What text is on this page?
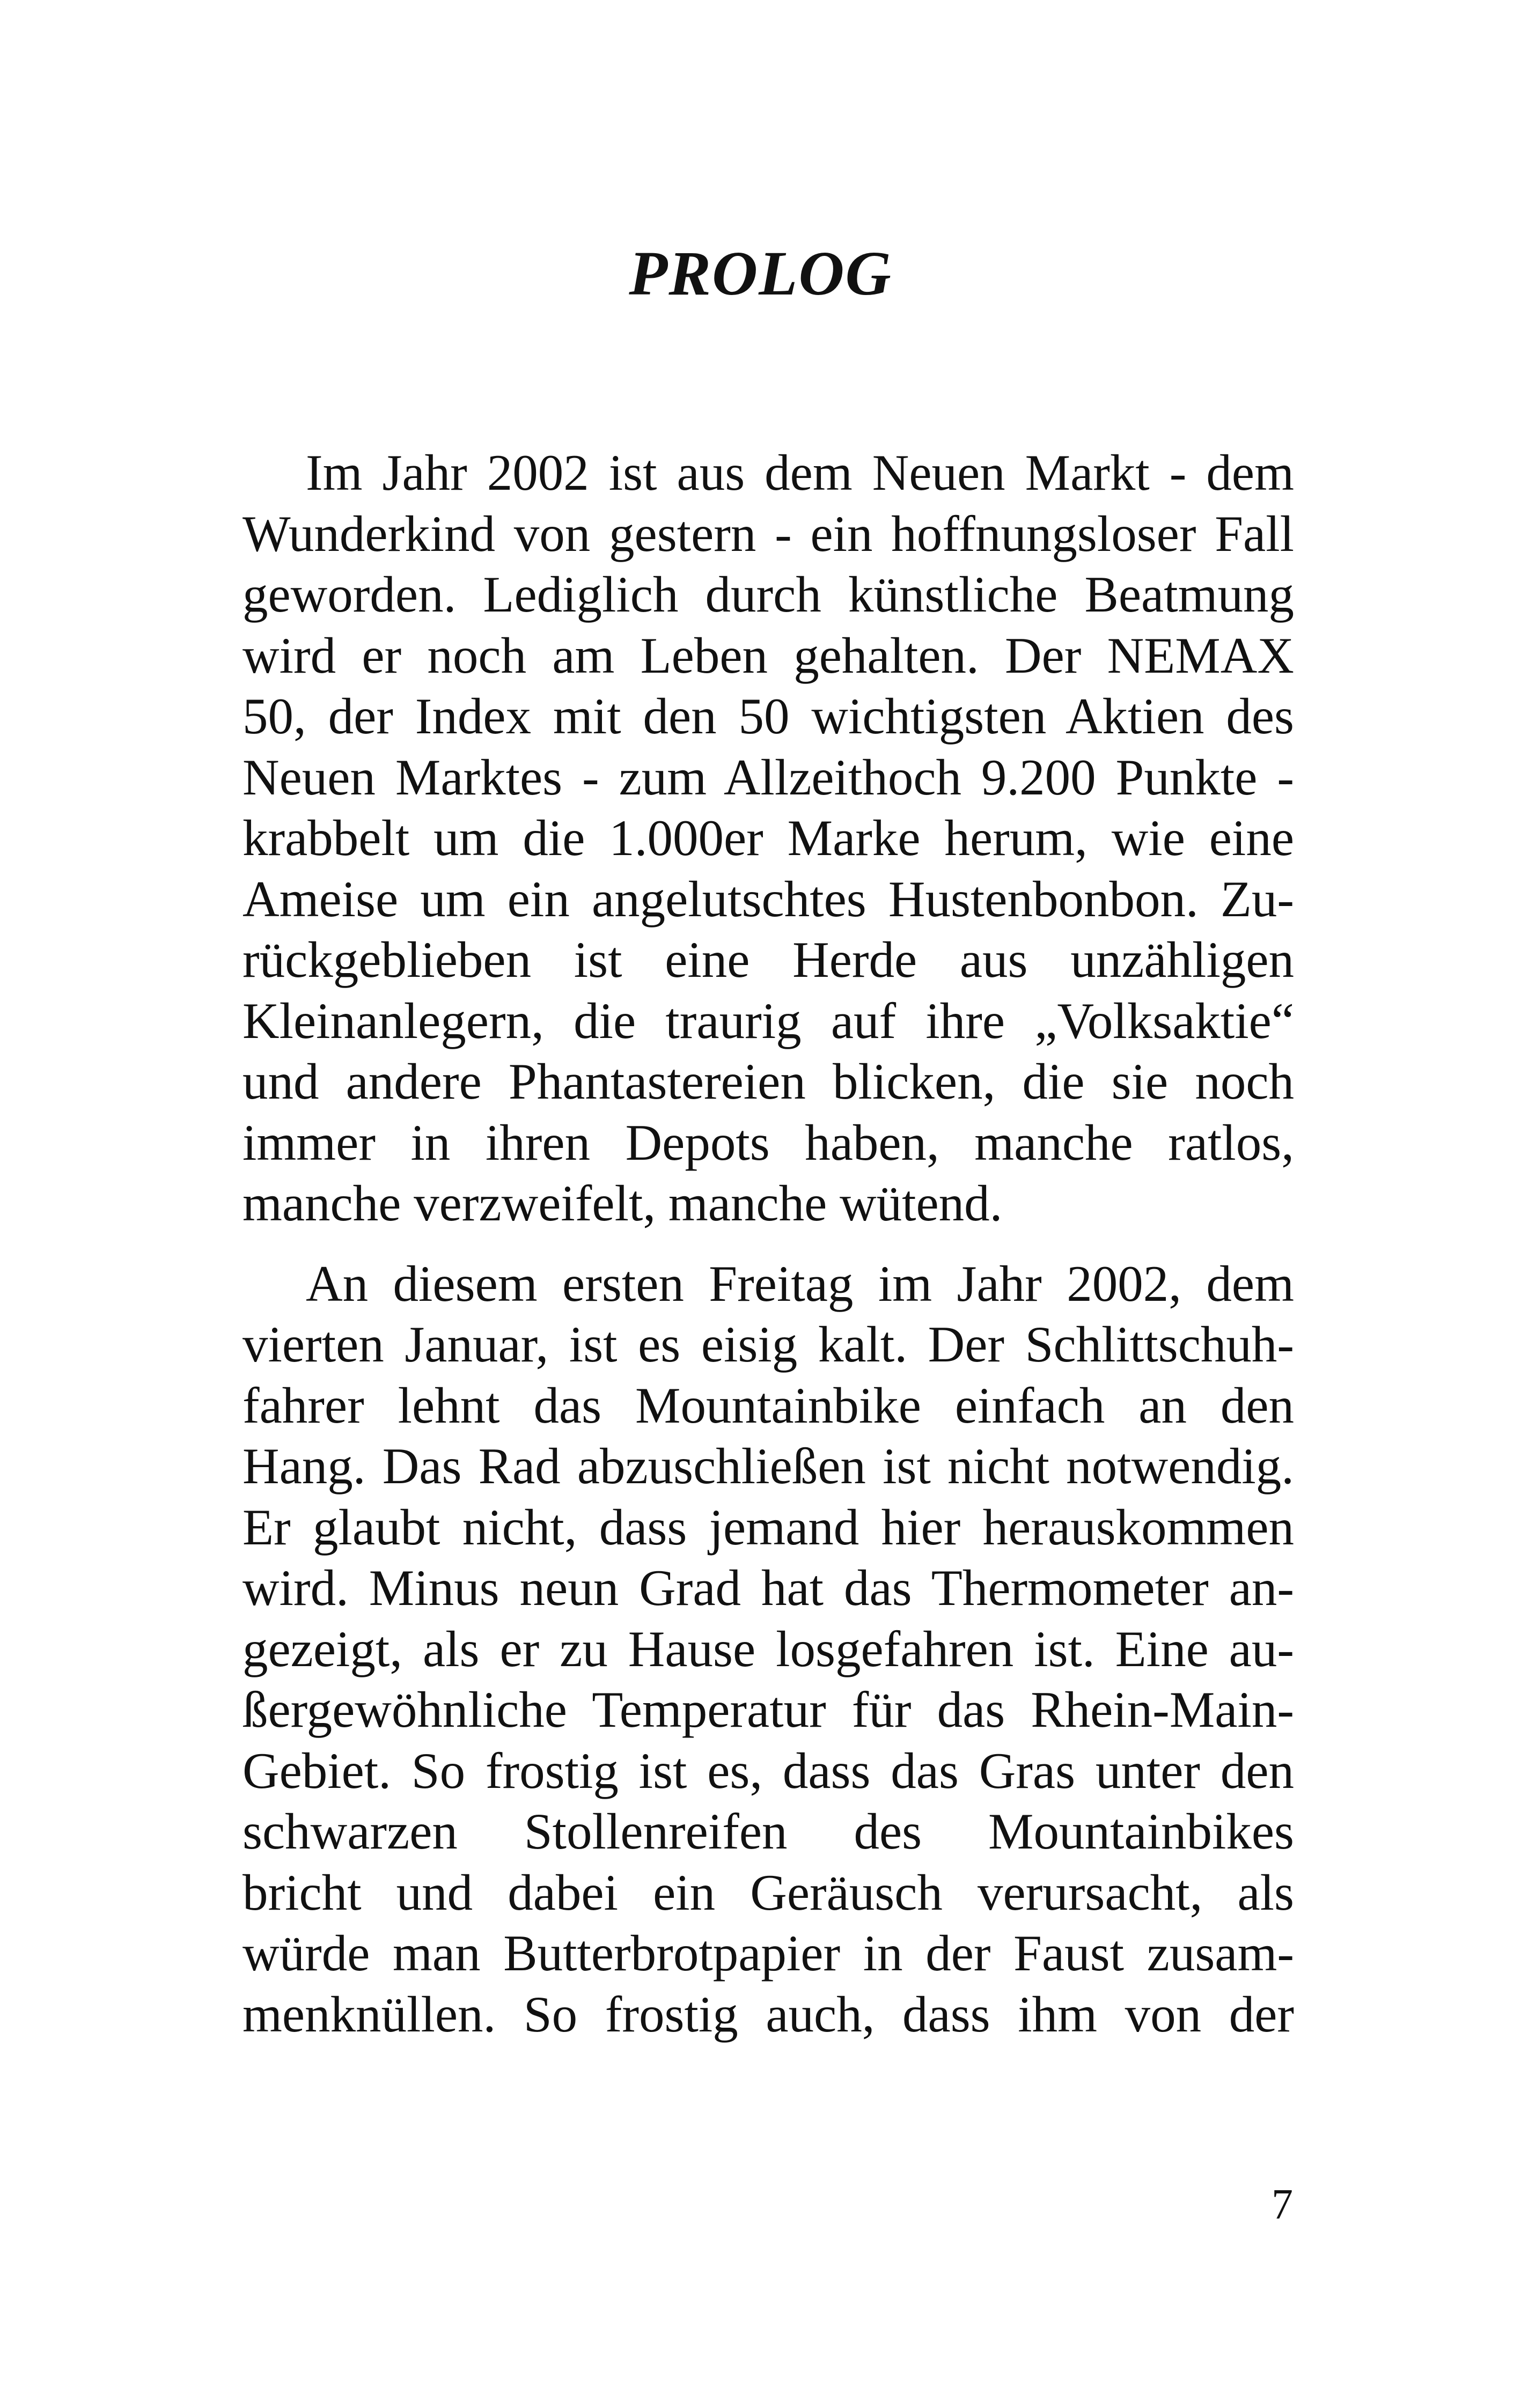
PROLOG
Im Jahr 2002 ist aus dem Neuen Markt - dem
Wunderkind von gestern - ein hoffnungsloser Fall
geworden. Lediglich durch künstliche Beatmung
wird er noch am Leben gehalten. Der NEMAX
50, der Index mit den 50 wichtigsten Aktien des
Neuen Marktes - zum Allzeithoch 9.200 Punkte -
krabbelt um die 1.000er Marke herum, wie eine
Ameise um ein angelutschtes Hustenbonbon. Zu-
rückgeblieben ist eine Herde aus unzähligen
Kleinanlegern, die traurig auf ihre „Volksaktie“
und andere Phantastereien blicken, die sie noch
immer in ihren Depots haben, manche ratlos,
manche verzweifelt, manche wütend.
An diesem ersten Freitag im Jahr 2002, dem
vierten Januar, ist es eisig kalt. Der Schlittschuh-
fahrer lehnt das Mountainbike einfach an den
Hang. Das Rad abzuschließen ist nicht notwendig.
Er glaubt nicht, dass jemand hier herauskommen
wird. Minus neun Grad hat das Thermometer an-
gezeigt, als er zu Hause losgefahren ist. Eine au-
ßergewöhnliche Temperatur für das Rhein-Main-
Gebiet. So frostig ist es, dass das Gras unter den
schwarzen Stollenreifen des Mountainbikes
bricht und dabei ein Geräusch verursacht, als
würde man Butterbrotpapier in der Faust zusam-
menknüllen. So frostig auch, dass ihm von der
7
